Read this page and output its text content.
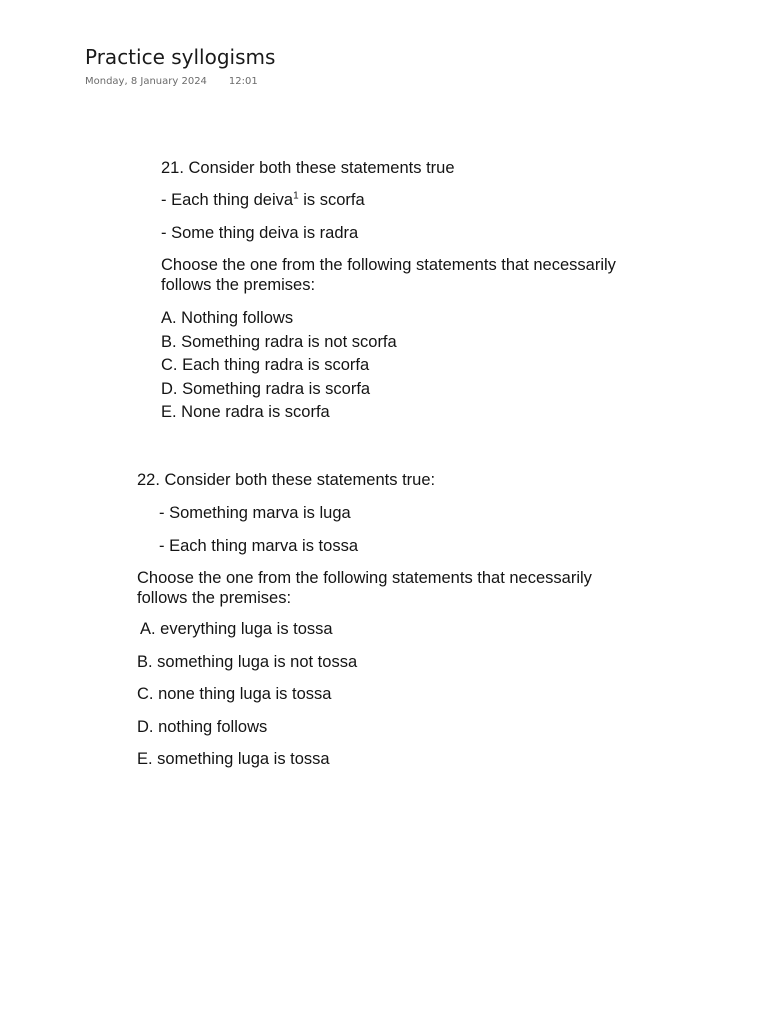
Practice syllogisms
Monday, 8 January 2024 12:01

21. Consider both these statements true

- Each thing deiva$^1$ is scorfa

- Some thing deiva is radra

Choose the one from the following statements that necessarily
follows the premises:

A. Nothing follows
B. Something radra is not scorfa
C. Each thing radra is scorfa
D. Something radra is scorfa
E. None radra is scorfa

22. Consider both these statements true:

- Something marva is luga

- Each thing marva is tossa

Choose the one from the following statements that necessarily
follows the premises:

A. everything luga is tossa
B. something luga is not tossa
C. none thing luga is tossa
D. nothing follows
E. something luga is tossa
